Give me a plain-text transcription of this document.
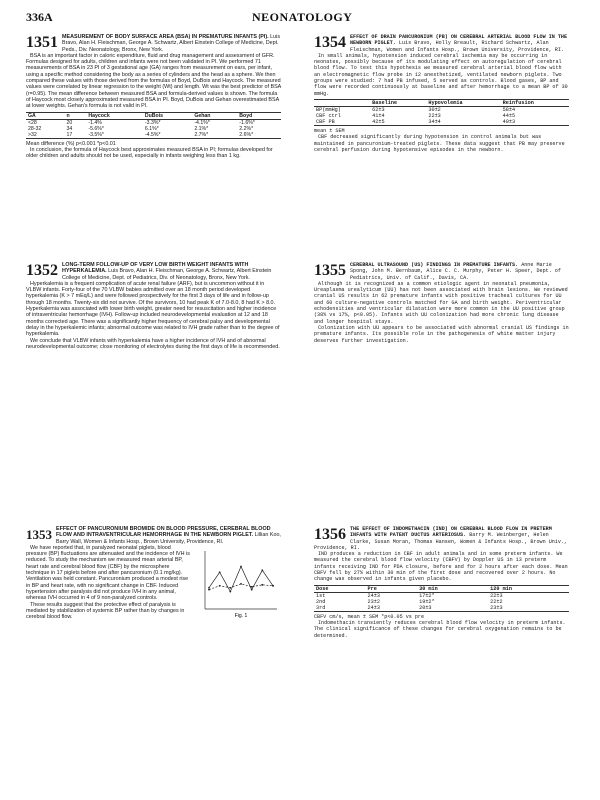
336A	NEONATOLOGY
1351 MEASUREMENT OF BODY SURFACE AREA (BSA) IN PREMATURE INFANTS (PI). Luis Bravo, Alan H. Fleischman, George A. Schwartz, Albert Einstein College of Medicine, Dept. Peds., Div. Neonatology, Bronx, New York.

BSA is an important factor in caloric expenditure, fluid and drug management and assessment of GFR. Formulas designed for adults, children and infants were not been validated in PI. We performed 71 measurements of BSA in 23 PI of 3 gestational age (GA) ranges from measurement on ears, per infant, using a specific method considering the body as a series of cylinders and the head as a sphere. We then compared these values with those derived from the formulas of Boyd, DuBois and Haycock. The measured values were correlated by linear regression to the weight (Wt) and length. Wt was the best predictor of BSA (r=0.95). The mean difference between measured BSA and formula-derived values is shown. The formula of Haycock most closely approximated measured BSA in PI. Boyd, DuBois and Gehan overestimated BSA at lower weights. Gehan's formula is not valid in PI.

GA	n	Haycock	DuBois	Gehan	Boyd
<28	20	-1.4%	-3.3%*	-4.1%*	-1.6%*
28-32	34	-5.6%*	6.1%*	2.1%*	2.2%*
>32	17	-3.5%*	-4.5%*	2.7%*	2.6%*
Mean difference (%) p<0.001 *p<0.01

In conclusion, the formula of Haycock best approximates measured BSA in PI; formulas developed for older children and adults should not be used, especially in infants weighing less than 1 kg.

1352 LONG-TERM FOLLOW-UP OF VERY LOW BIRTH WEIGHT INFANTS WITH HYPERKALEMIA. Luis Bravo, Alan H. Fleischman, George A. Schwartz, Albert Einstein College of Medicine, Dept. of Pediatrics, Div. of Neonatology, Bronx, New York.

Hyperkalemia is a frequent complication of acute renal failure (ARF), but is uncommon without it in VLBW infants. Forty-four of the 70 VLBW babies admitted over an 18 month period developed hyperkalemia (K > 7 mEq/L) and were followed prospectively for the first 3 days of life and in follow-up through 18 months. Twenty-six did not survive. Of the survivors, 10 had peak K of 7.0-8.0, 8 had K > 8.0. Hyperkalemia was associated with lower birth weight, greater need for resuscitation and higher incidence of intraventricular hemorrhage (IVH). Follow-up included neurodevelopmental evaluation at 12 and 18 months corrected age. There was a significantly higher frequency of cerebral palsy and developmental delay in the hyperkalemic infants; abnormal outcome was related to IVH grade rather than to the degree of hyperkalemia.

We conclude that VLBW infants with hyperkalemia have a higher incidence of IVH and of abnormal neurodevelopmental outcome; close monitoring of electrolytes during the first days of life is recommended.

1353 EFFECT OF PANCURONIUM BROMIDE ON BLOOD PRESSURE, CEREBRAL BLOOD FLOW AND INTRAVENTRICULAR HEMORRHAGE IN THE NEWBORN PIGLET. Lillian Koo, Barry Wall, Women & Infants Hosp., Brown University, Providence, RI.
Fig. 1

We have reported that, in paralyzed neonatal piglets, blood pressure (BP) fluctuations are attenuated and the incidence of IVH is reduced. To study the mechanism we measured mean arterial BP, heart rate and cerebral blood flow (CBF) by the microsphere technique in 17 piglets before and after pancuronium (0.1 mg/kg). Ventilation was held constant. Pancuronium produced a modest rise in BP and heart rate, with no significant change in CBF. Induced hypertension after paralysis did not produce IVH in any animal, whereas IVH occurred in 4 of 9 non-paralyzed controls.

These results suggest that the protective effect of paralysis is mediated by stabilization of systemic BP rather than by changes in cerebral blood flow.

1354 EFFECT OF DRAIN PANCURONIUM (PB) ON CEREBRAL ARTERIAL BLOOD FLOW IN THE NEWBORN PIGLET. Luis Bravo, Holly Breault, Richard Schwartz, Alan Fleischman, Women and Infants Hosp., Brown University, Providence, RI.

In small animals, hypotension induced cerebral ischemia may be occurring in neonates, possibly because of its modulating effect on autoregulation of cerebral blood flow. To test this hypothesis we measured cerebral arterial blood flow with an electromagnetic flow probe in 12 anesthetized, ventilated newborn piglets. Two groups were studied: 7 had PB infused, 5 served as controls. Blood gases, BP and flow were recorded continuously at baseline and after hemorrhage to a mean BP of 30 mmHg.

	Baseline	Hypovolemia	Reinfusion
BP(mmHg)	62±3	30±2	58±4
CBF ctrl	41±4	22±3	44±5
CBF PB	42±5	34±4	40±3
mean ± SEM

CBF decreased significantly during hypotension in control animals but was maintained in pancuronium-treated piglets. These data suggest that PB may preserve cerebral perfusion during hypotensive episodes in the newborn.

1355 CEREBRAL ULTRASOUND (US) FINDINGS IN PREMATURE INFANTS. Anne Marie Spong, John M. Bernbaum, Alice C. C. Murphy, Peter H. Speer, Dept. of Pediatrics, Univ. of Calif., Davis, CA.

Although it is recognized as a common etiologic agent in neonatal pneumonia, Ureaplasma urealyticum (UU) has not been associated with brain lesions. We reviewed cranial US results in 62 premature infants with positive tracheal cultures for UU and 60 culture-negative controls matched for GA and birth weight. Periventricular echodensities and ventricular dilatation were more common in the UU positive group (38% vs 17%, p<0.05). Infants with UU colonization had more chronic lung disease and longer hospital stays.

Colonization with UU appears to be associated with abnormal cranial US findings in premature infants. Its possible role in the pathogenesis of white matter injury deserves further investigation.

1356 THE EFFECT OF INDOMETHACIN (IND) ON CEREBRAL BLOOD FLOW IN PRETERM INFANTS WITH PATENT DUCTUS ARTERIOSUS. Barry M. Weinberger, Helen Clarke, Susan Moran, Thomas Hansen, Women & Infants Hosp., Brown Univ., Providence, RI.

IND produces a reduction in CBF in adult animals and in some preterm infants. We measured the cerebral blood flow velocity (CBFV) by Doppler US in 13 preterm infants receiving IND for PDA closure, before and for 2 hours after each dose. Mean CBFV fell by 27% within 30 min of the first dose and recovered over 2 hours. No change was observed in infants given placebo.

Dose	Pre	30 min	120 min
1st	24±3	17±2*	22±3
2nd	23±2	19±2*	22±2
3rd	24±3	20±3	23±3
CBFV cm/s, mean ± SEM *p<0.05 vs pre

Indomethacin transiently reduces cerebral blood flow velocity in preterm infants. The clinical significance of these changes for cerebral oxygenation remains to be determined.
